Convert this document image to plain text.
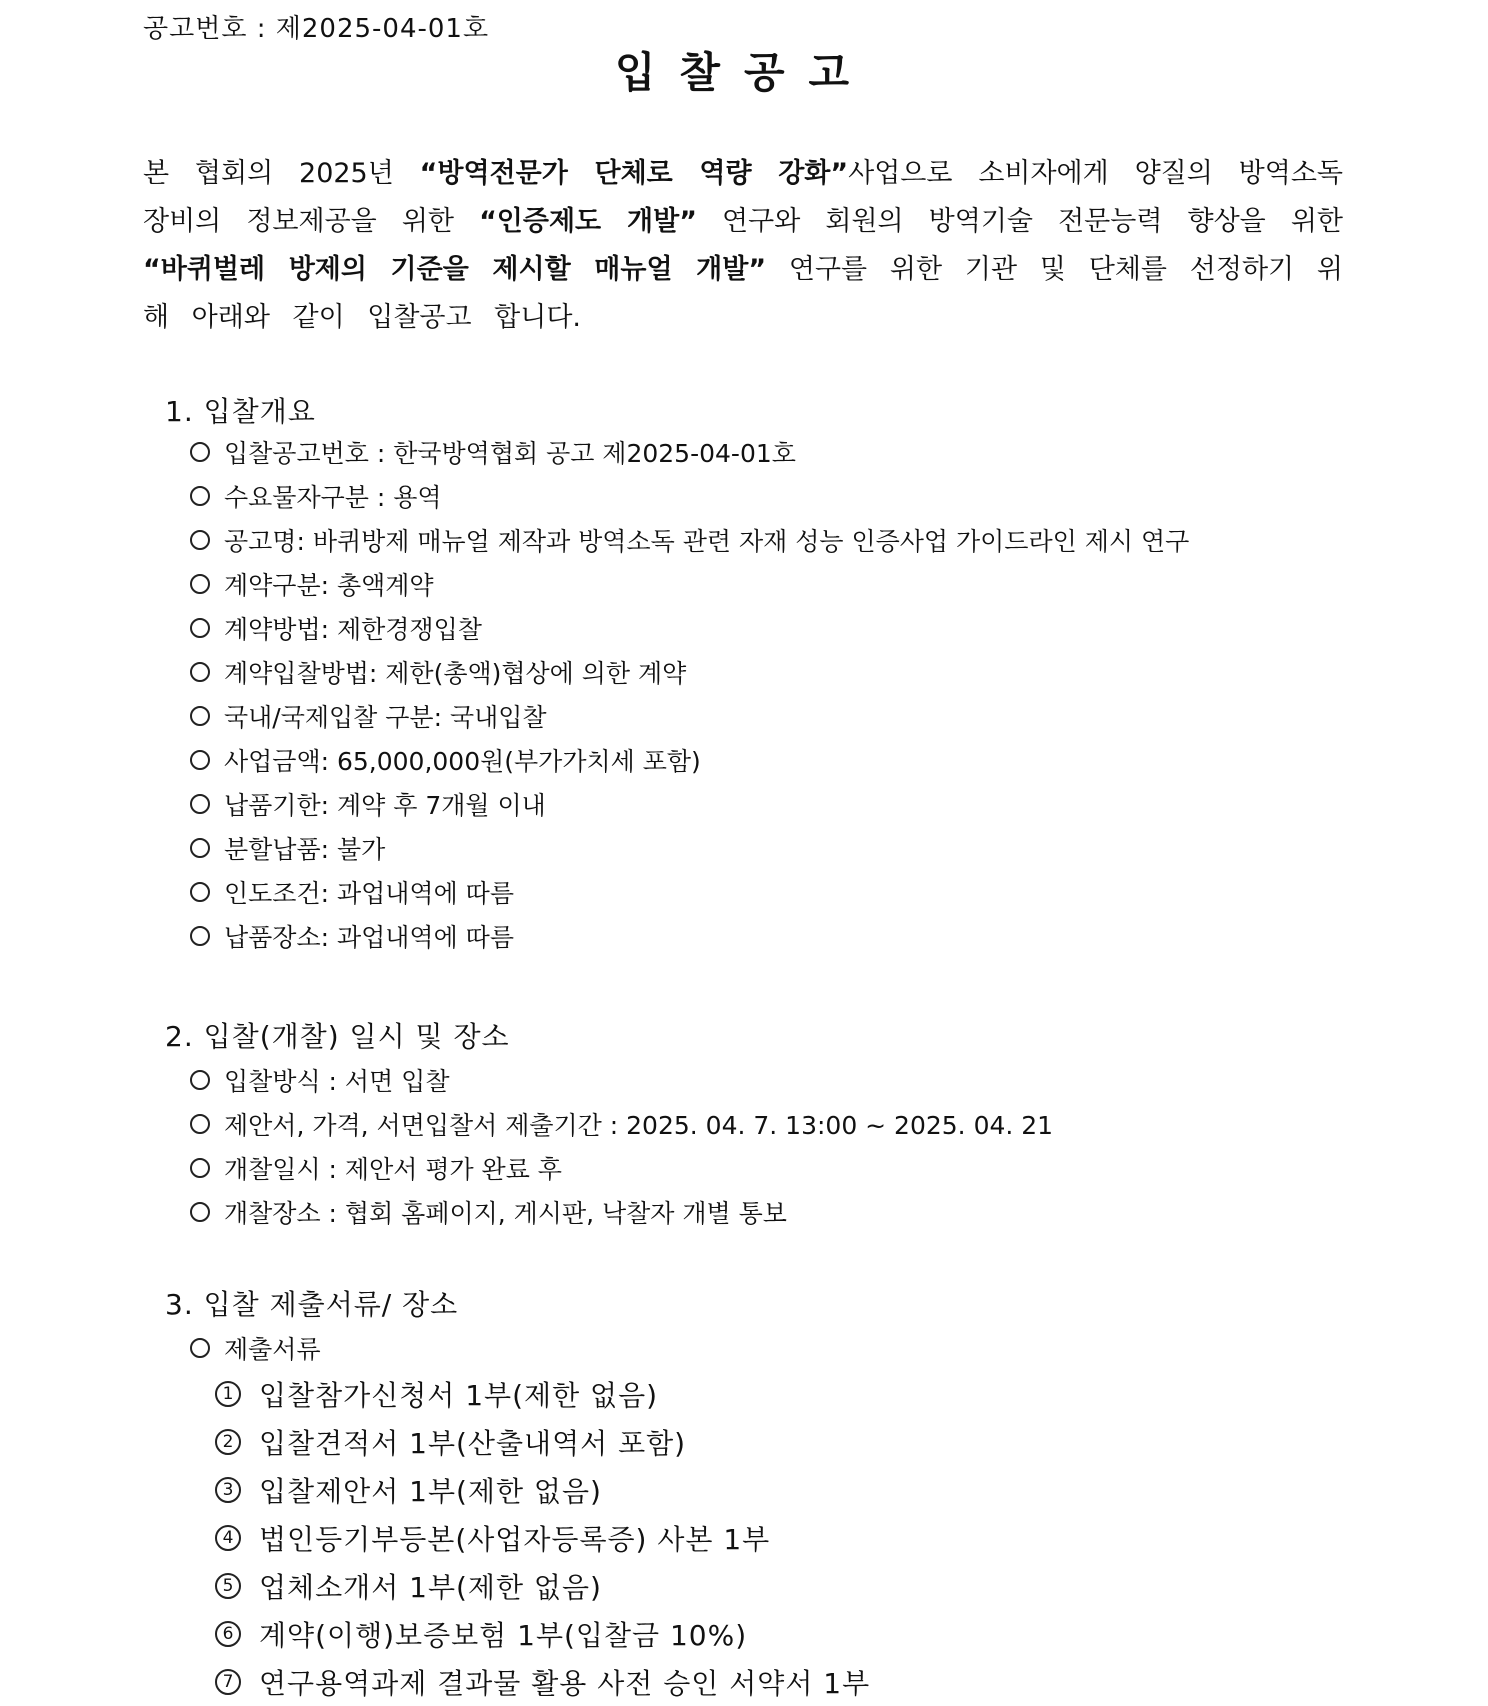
공고번호 : 제2025-04-01호
입찰공고
본 협회의 2025년 “방역전문가 단체로 역량 강화”사업으로 소비자에게 양질의 방역소독 장비의 정보제공을 위한 “인증제도 개발” 연구와 회원의 방역기술 전문능력 향상을 위한 “바퀴벌레 방제의 기준을 제시할 매뉴얼 개발” 연구를 위한 기관 및 단체를 선정하기 위해 아래와 같이 입찰공고 합니다.
1. 입찰개요
입찰공고번호 : 한국방역협회 공고 제2025-04-01호
수요물자구분 : 용역
공고명: 바퀴방제 매뉴얼 제작과 방역소독 관련 자재 성능 인증사업 가이드라인 제시 연구
계약구분: 총액계약
계약방법: 제한경쟁입찰
계약입찰방법: 제한(총액)협상에 의한 계약
국내/국제입찰 구분: 국내입찰
사업금액: 65,000,000원(부가가치세 포함)
납품기한: 계약 후 7개월 이내
분할납품: 불가
인도조건: 과업내역에 따름
납품장소: 과업내역에 따름
2. 입찰(개찰) 일시 및 장소
입찰방식 : 서면 입찰
제안서, 가격, 서면입찰서 제출기간 : 2025. 04. 7. 13:00 ~ 2025. 04. 21
개찰일시 : 제안서 평가 완료 후
개찰장소 : 협회 홈페이지, 게시판, 낙찰자 개별 통보
3. 입찰 제출서류/ 장소
제출서류
1 입찰참가신청서 1부(제한 없음)
2 입찰견적서 1부(산출내역서 포함)
3 입찰제안서 1부(제한 없음)
4 법인등기부등본(사업자등록증) 사본 1부
5 업체소개서 1부(제한 없음)
6 계약(이행)보증보험 1부(입찰금 10%)
7 연구용역과제 결과물 활용 사전 승인 서약서 1부
